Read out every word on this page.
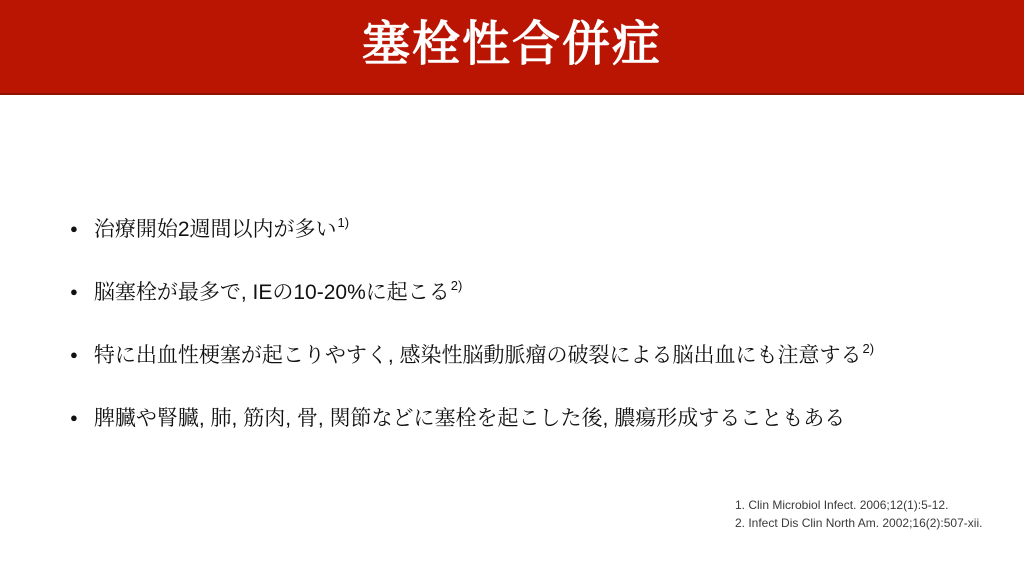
塞栓性合併症
● 治療開始2週間以内が多い 1)
● 脳塞栓が最多で, IEの10-20%に起こる 2)
● 特に出血性梗塞が起こりやすく, 感染性脳動脈瘤の破裂による脳出血にも注意する 2)
● 脾臓や腎臓, 肺, 筋肉, 骨, 関節などに塞栓を起こした後, 膿瘍形成することもある
1. Clin Microbiol Infect. 2006;12(1):5-12.
2. Infect Dis Clin North Am. 2002;16(2):507-xii.
